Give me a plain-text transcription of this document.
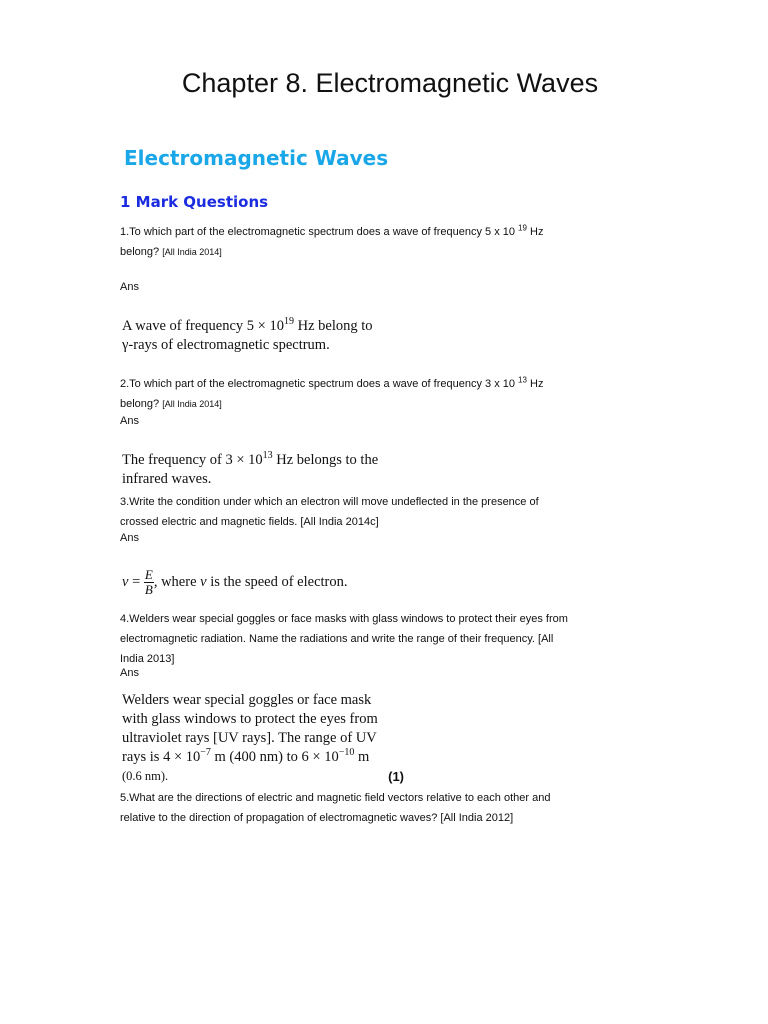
Chapter 8. Electromagnetic Waves
Electromagnetic Waves
1 Mark Questions
1.To which part of the electromagnetic spectrum does a wave of frequency 5 x 10 $^{19}$ Hz
belong? [All India 2014]
Ans
A wave of frequency $5 \times 10^{19}$ Hz belong to
γ-rays of electromagnetic spectrum.
2.To which part of the electromagnetic spectrum does a wave of frequency 3 x 10 $^{13}$ Hz
belong? [All India 2014]
Ans
The frequency of $3 \times 10^{13}$ Hz belongs to the
infrared waves.
3.Write the condition under which an electron will move undeflected in the presence of
crossed electric and magnetic fields. [All India 2014c]
Ans
$v = \frac{E}{B}$ , where v is the speed of electron.
4.Welders wear special goggles or face masks with glass windows to protect their eyes from
electromagnetic radiation. Name the radiations and write the range of their frequency. [All
India 2013]
Ans
Welders wear special goggles or face mask
with glass windows to protect the eyes from
ultraviolet rays [UV rays]. The range of UV
rays is $4 \times 10^{-7}$ m (400 nm) to $6 \times 10^{-10}$ m
(0.6 nm).	(1)
5.What are the directions of electric and magnetic field vectors relative to each other and
relative to the direction of propagation of electromagnetic waves? [All India 2012]
